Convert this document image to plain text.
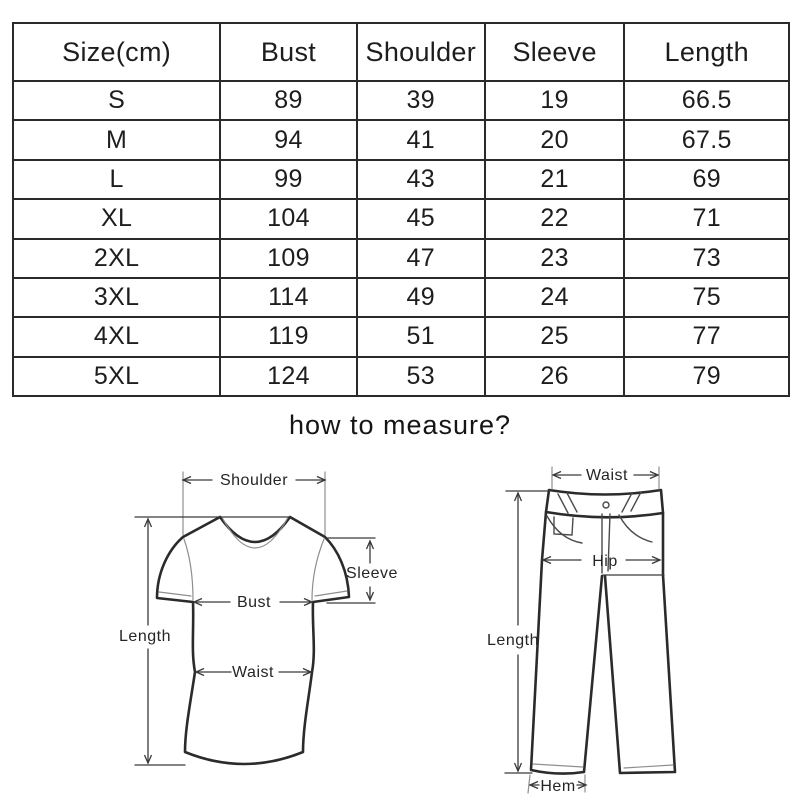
Size(cm)	Bust	Shoulder	Sleeve	Length
S	89	39	19	66.5
M	94	41	20	67.5
L	99	43	21	69
XL	104	45	22	71
2XL	109	47	23	73
3XL	114	49	24	75
4XL	119	51	25	77
5XL	124	53	26	79
how to measure?
Shoulder
Length
Sleeve
Bust
Waist
Waist
Hip
Length
Hem
